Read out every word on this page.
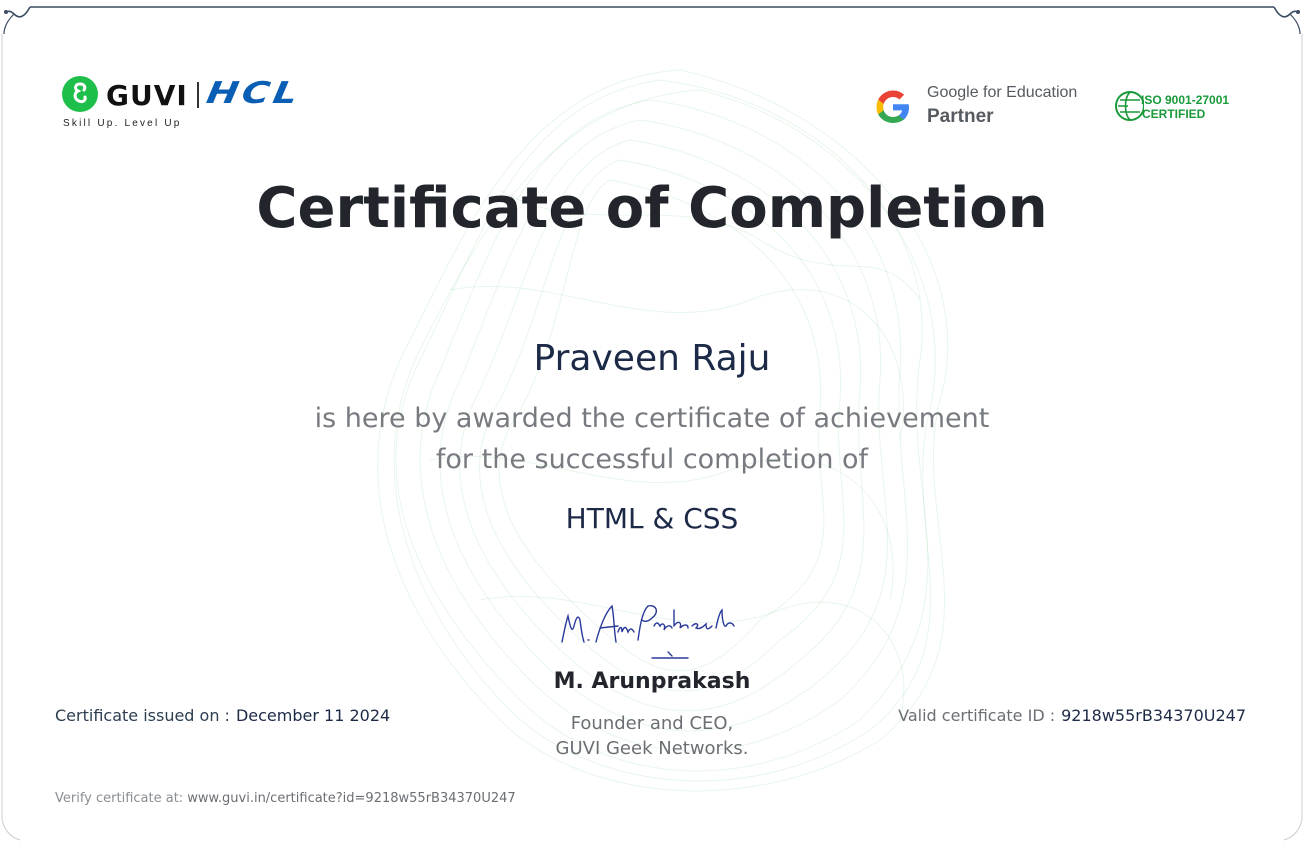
GUVI HCL
Skill Up. Level Up
Google for Education
Partner
ISO 9001-27001
CERTIFIED
Certificate of Completion
Praveen Raju
is here by awarded the certificate of achievement
for the successful completion of
HTML & CSS
M. Arunprakash
Founder and CEO,
GUVI Geek Networks.
Certificate issued on : December 11 2024	Valid certificate ID : 9218w55rB34370U247
Verify certificate at: www.guvi.in/certificate?id=9218w55rB34370U247
